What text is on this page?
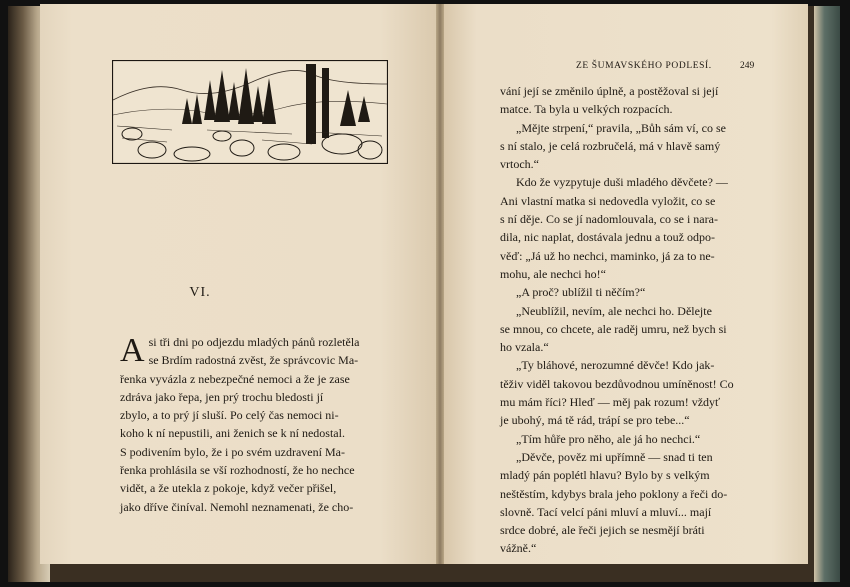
VI.
A si tři dni po odjezdu mladých pánů rozletěla

se Brdím radostná zvěst, že správcovic Ma-

řenka vyvázla z nebezpečné nemoci a že je zase

zdráva jako řepa, jen prý trochu bledosti jí

zbylo, a to prý jí sluší. Po celý čas nemoci ni-

kohо k ní nepustili, ani ženich se k ní nedostal.

S podivením bylo, že i po svém uzdravení Ma-

řenka prohlásila se vší rozhodností, že ho nechce

vidět, a že utekla z pokoje, když večer přišel,

jako dříve činíval. Nemohl neznamenati, že cho-

ZE ŠUMAVSKÉHO PODLESÍ.	249

vání její se změnilo úplně, a postěžoval si její

matce. Ta byla u velkých rozpacích.

„Mějte strpení,“ pravila, „Bůh sám ví, co se

s ní stalo, je celá rozbručelá, má v hlavě samý

vrtoch.“

Kdo že vyzpytuje duši mladého děvčete? —

Ani vlastní matka si nedovedla vyložit, co se

s ní děje. Co se jí nadomlouvala, co se i nara-

dila, nic naplat, dostávala jednu a touž odpo-

věď: „Já už ho nechci, maminko, já za to ne-

mohu, ale nechci ho!“

„A proč? ublížil ti něčím?“

„Neublížil, nevím, ale nechci ho. Dělejte

se mnou, co chcete, ale raděj umru, než bych si

ho vzala.“

„Ty bláhové, nerozumné děvče! Kdo jak-

těživ viděl takovou bezdůvodnou umíněnost! Co

mu mám říci? Hleď — měj pak rozum! vždyť

je ubohý, má tě rád, trápí se pro tebe...“

„Tím hůře pro něho, ale já ho nechci.“

„Děvče, pověz mi upřímně — snad ti ten

mladý pán poplétl hlavu? Bylo by s velkým

neštěstím, kdybys brala jeho poklony a řeči do-

slovně. Tací velcí páni mluví a mluví... mají

srdce dobré, ale řeči jejich se nesmějí bráti

vážně.“
